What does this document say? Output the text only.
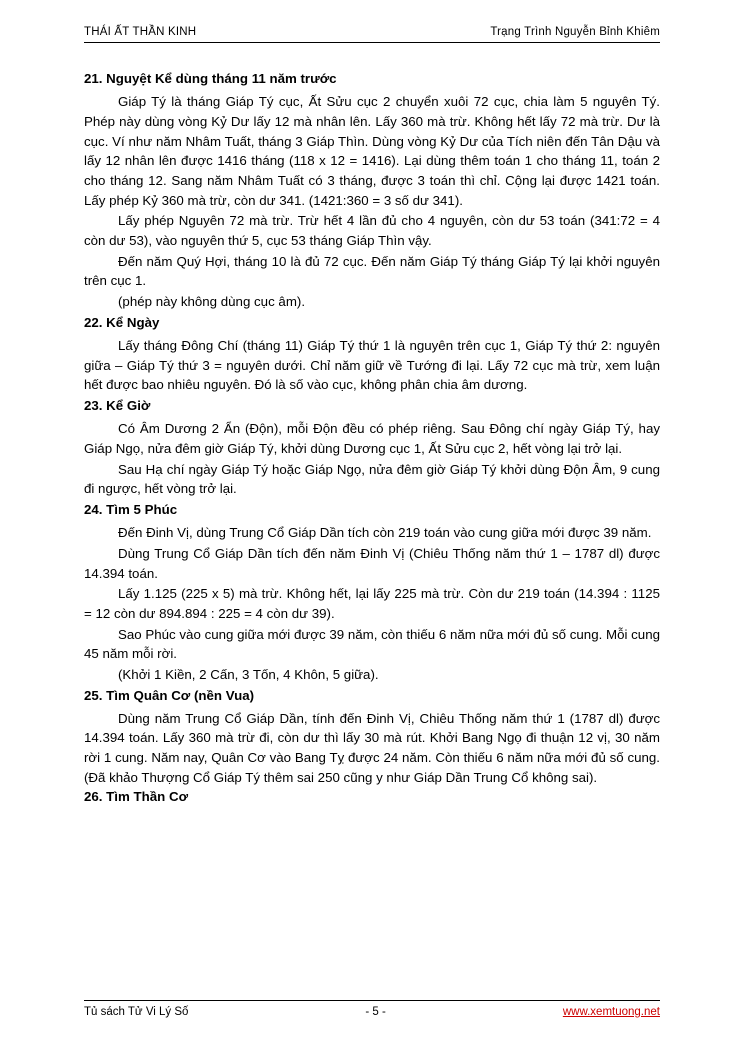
THÁI ẤT THẦN KINH	Trạng Trình Nguyễn Bỉnh Khiêm
21. Nguyệt Kể dùng tháng 11 năm trước

Giáp Tý là tháng Giáp Tý cục, Ất Sửu cục 2 chuyển xuôi 72 cục, chia làm 5 nguyên Tý. Phép này dùng vòng Kỷ Dư lấy 12 mà nhân lên. Lấy 360 mà trừ. Không hết lấy 72 mà trừ. Dư là cục. Ví như năm Nhâm Tuất, tháng 3 Giáp Thìn. Dùng vòng Kỷ Dư của Tích niên đến Tân Dậu và lấy 12 nhân lên được 1416 tháng (118 x 12 = 1416). Lại dùng thêm toán 1 cho tháng 11, toán 2 cho tháng 12. Sang năm Nhâm Tuất có 3 tháng, được 3 toán thì chỉ. Cộng lại được 1421 toán. Lấy phép Kỷ 360 mà trừ, còn dư 341. (1421:360 = 3 số dư 341).

Lấy phép Nguyên 72 mà trừ. Trừ hết 4 lần đủ cho 4 nguyên, còn dư 53 toán (341:72 = 4 còn dư 53), vào nguyên thứ 5, cục 53 tháng Giáp Thìn vậy.

Đến năm Quý Hợi, tháng 10 là đủ 72 cục. Đến năm Giáp Tý tháng Giáp Tý lại khởi nguyên trên cục 1.

(phép này không dùng cục âm).

22. Kể Ngày

Lấy tháng Đông Chí (tháng 11) Giáp Tý thứ 1 là nguyên trên cục 1, Giáp Tý thứ 2: nguyên giữa – Giáp Tý thứ 3 = nguyên dưới. Chỉ năm giữ về Tướng đi lại. Lấy 72 cục mà trừ, xem luận hết được bao nhiêu nguyên. Đó là số vào cục, không phân chia âm dương.

23. Kể Giờ

Có Âm Dương 2 Ẩn (Độn), mỗi Độn đều có phép riêng. Sau Đông chí ngày Giáp Tý, hay Giáp Ngọ, nửa đêm giờ Giáp Tý, khởi dùng Dương cục 1, Ất Sửu cục 2, hết vòng lại trở lại.

Sau Hạ chí ngày Giáp Tý hoặc Giáp Ngọ, nửa đêm giờ Giáp Tý khởi dùng Độn Âm, 9 cung đi ngược, hết vòng trở lại.

24. Tìm 5 Phúc

Đến Đinh Vị, dùng Trung Cổ Giáp Dần tích còn 219 toán vào cung giữa mới được 39 năm.

Dùng Trung Cổ Giáp Dần tích đến năm Đinh Vị (Chiêu Thống năm thứ 1 – 1787 dl) được 14.394 toán.

Lấy 1.125 (225 x 5) mà trừ. Không hết, lại lấy 225 mà trừ. Còn dư 219 toán (14.394 : 1125 = 12 còn dư 894.894 : 225 = 4 còn dư 39).

Sao Phúc vào cung giữa mới được 39 năm, còn thiếu 6 năm nữa mới đủ số cung. Mỗi cung 45 năm mỗi rời.

(Khởi 1 Kiền, 2 Cấn, 3 Tốn, 4 Khôn, 5 giữa).

25. Tìm Quân Cơ (nền Vua)

Dùng năm Trung Cổ Giáp Dần, tính đến Đinh Vị, Chiêu Thống năm thứ 1 (1787 dl) được 14.394 toán. Lấy 360 mà trừ đi, còn dư thì lấy 30 mà rút. Khởi Bang Ngọ đi thuận 12 vị, 30 năm rời 1 cung. Năm nay, Quân Cơ vào Bang Tỵ được 24 năm. Còn thiếu 6 năm nữa mới đủ số cung. (Đã khảo Thượng Cổ Giáp Tý thêm sai 250 cũng y như Giáp Dần Trung Cổ không sai).

26. Tìm Thần Cơ
Tủ sách Tử Vi Lý Số	- 5 -	www.xemtuong.net
